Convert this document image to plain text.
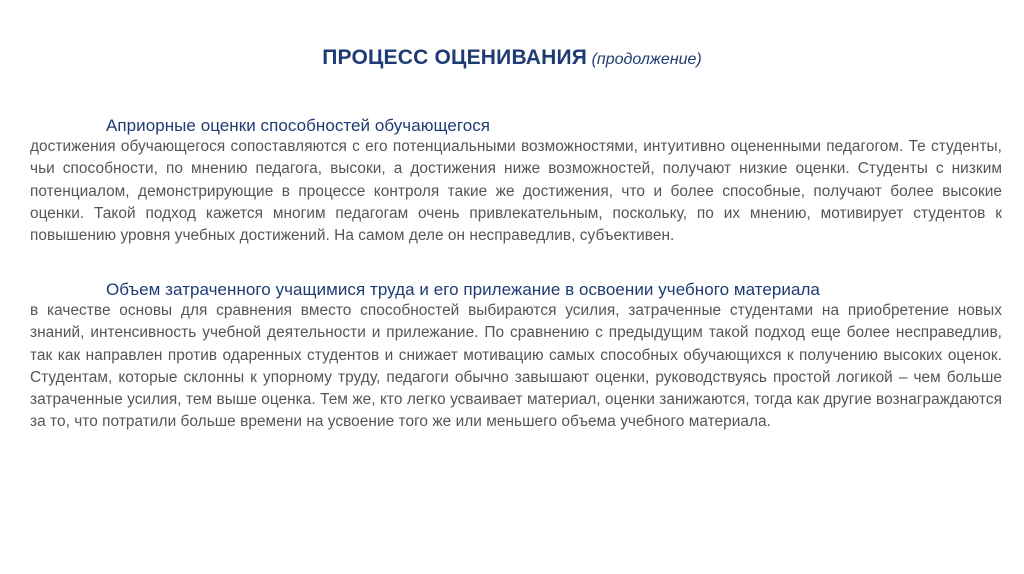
ПРОЦЕСС ОЦЕНИВАНИЯ (продолжение)

Априорные оценки способностей обучающегося
достижения обучающегося сопоставляются с его потенциальными возможностями, интуитивно оцененными педагогом. Те студенты, чьи способности, по мнению педагога, высоки, а достижения ниже возможностей, получают низкие оценки. Студенты с низким потенциалом, демонстрирующие в процессе контроля такие же достижения, что и более способные, получают более высокие оценки. Такой подход кажется многим педагогам очень привлекательным, поскольку, по их мнению, мотивирует студентов к повышению уровня учебных достижений. На самом деле он несправедлив, субъективен.

Объем затраченного учащимися труда и его прилежание в освоении учебного материала
в качестве основы для сравнения вместо способностей выбираются усилия, затраченные студентами на приобретение новых знаний, интенсивность учебной деятельности и прилежание. По сравнению с предыдущим такой подход еще более несправедлив, так как направлен против одаренных студентов и снижает мотивацию самых способных обучающихся к получению высоких оценок. Студентам, которые склонны к упорному труду, педагоги обычно завышают оценки, руководствуясь простой логикой – чем больше затраченные усилия, тем выше оценка. Тем же, кто легко усваивает материал, оценки занижаются, тогда как другие вознаграждаются за то, что потратили больше времени на усвоение того же или меньшего объема учебного материала.
